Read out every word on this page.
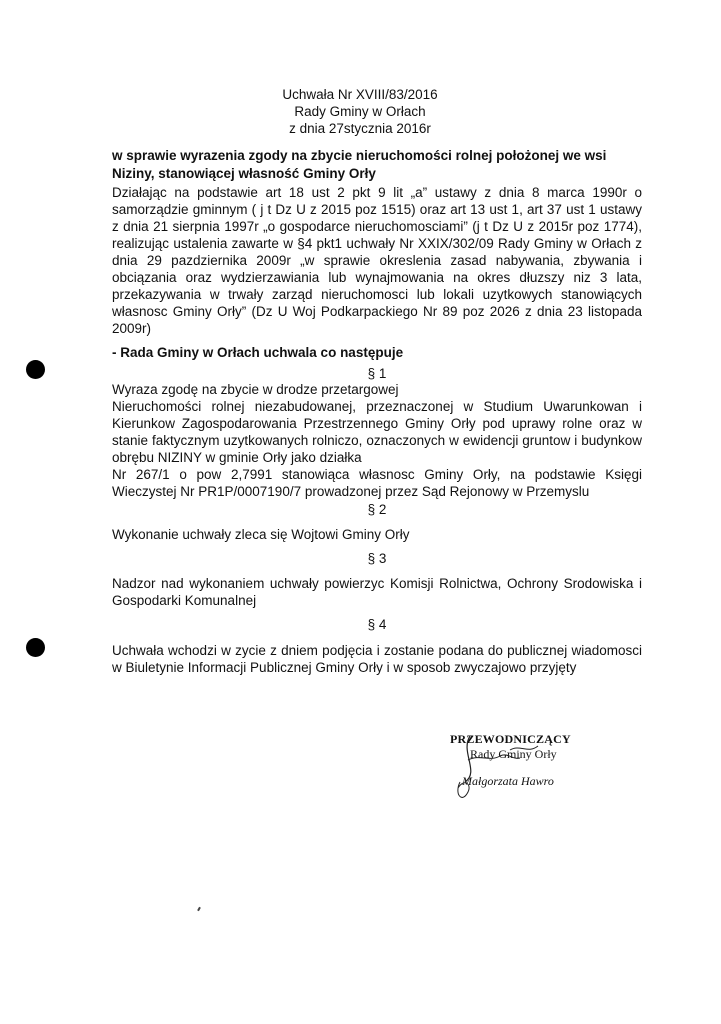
Uchwała Nr XVIII/83/2016
Rady Gminy w Orłach
z dnia 27stycznia 2016r
w sprawie wyrazenia zgody na zbycie nieruchomości rolnej położonej we wsi Niziny, stanowiącej własność Gminy Orły
Działając na podstawie art 18 ust 2 pkt 9 lit „a” ustawy z dnia 8 marca 1990r o samorządzie gminnym ( j t Dz U z 2015 poz 1515) oraz art 13 ust 1, art 37 ust 1 ustawy z dnia 21 sierpnia 1997r „o gospodarce nieruchomosciami” (j t Dz U z 2015r poz 1774), realizując ustalenia zawarte w §4 pkt1 uchwały Nr XXIX/302/09 Rady Gminy w Orłach z dnia 29 pazdziernika 2009r „w sprawie okreslenia zasad nabywania, zbywania i obciązania oraz wydzierzawiania lub wynajmowania na okres dłuzszy niz 3 lata, przekazywania w trwały zarząd nieruchomosci lub lokali uzytkowych stanowiących własnosc Gminy Orły” (Dz U Woj Podkarpackiego Nr 89 poz 2026 z dnia 23 listopada 2009r)
- Rada Gminy w Orłach uchwala co następuje
§ 1
Wyraza zgodę na zbycie w drodze przetargowej
Nieruchomości rolnej niezabudowanej, przeznaczonej w Studium Uwarunkowan i Kierunkow Zagospodarowania Przestrzennego Gminy Orły pod uprawy rolne oraz w stanie faktycznym uzytkowanych rolniczo, oznaczonych w ewidencji gruntow i budynkow obrębu NIZINY w gminie Orły jako działka
Nr 267/1 o pow 2,7991 stanowiąca własnosc Gminy Orły, na podstawie Księgi Wieczystej Nr PR1P/0007190/7 prowadzonej przez Sąd Rejonowy w Przemyslu
§ 2
Wykonanie uchwały zleca się Wojtowi Gminy Orły
§ 3
Nadzor nad wykonaniem uchwały powierzyc Komisji Rolnictwa, Ochrony Srodowiska i Gospodarki Komunalnej
§ 4
Uchwała wchodzi w zycie z dniem podjęcia i zostanie podana do publicznej wiadomosci w Biuletynie Informacji Publicznej Gminy Orły i w sposob zwyczajowo przyjęty
PRZEWODNICZĄCY
Rady Gminy Orły
Małgorzata Hawro
